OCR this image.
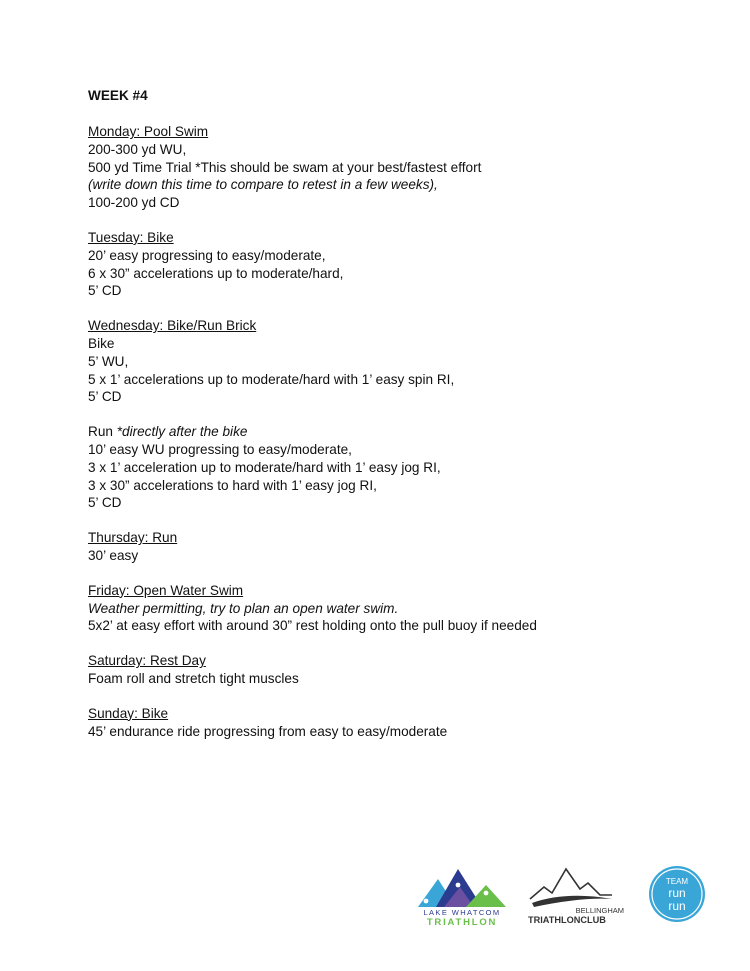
WEEK #4
Monday: Pool Swim
200-300 yd WU,
500 yd Time Trial *This should be swam at your best/fastest effort
(write down this time to compare to retest in a few weeks),
100-200 yd CD
Tuesday: Bike
20’ easy progressing to easy/moderate,
6 x 30” accelerations up to moderate/hard,
5’ CD
Wednesday: Bike/Run Brick
Bike
5’ WU,
5 x 1’ accelerations up to moderate/hard with 1’ easy spin RI,
5’ CD
Run *directly after the bike
10’ easy WU progressing to easy/moderate,
3 x 1’ acceleration up to moderate/hard with 1’ easy jog RI,
3 x 30” accelerations to hard with 1’ easy jog RI,
5’ CD
Thursday: Run
30’ easy
Friday: Open Water Swim
Weather permitting, try to plan an open water swim.
5x2’ at easy effort with around 30” rest holding onto the pull buoy if needed
Saturday: Rest Day
Foam roll and stretch tight muscles
Sunday: Bike
45’ endurance ride progressing from easy to easy/moderate
LAKE WHATCOM
TRIATHLON
BELLINGHAM
TRIATHLONCLUB
TEAM
run
run
